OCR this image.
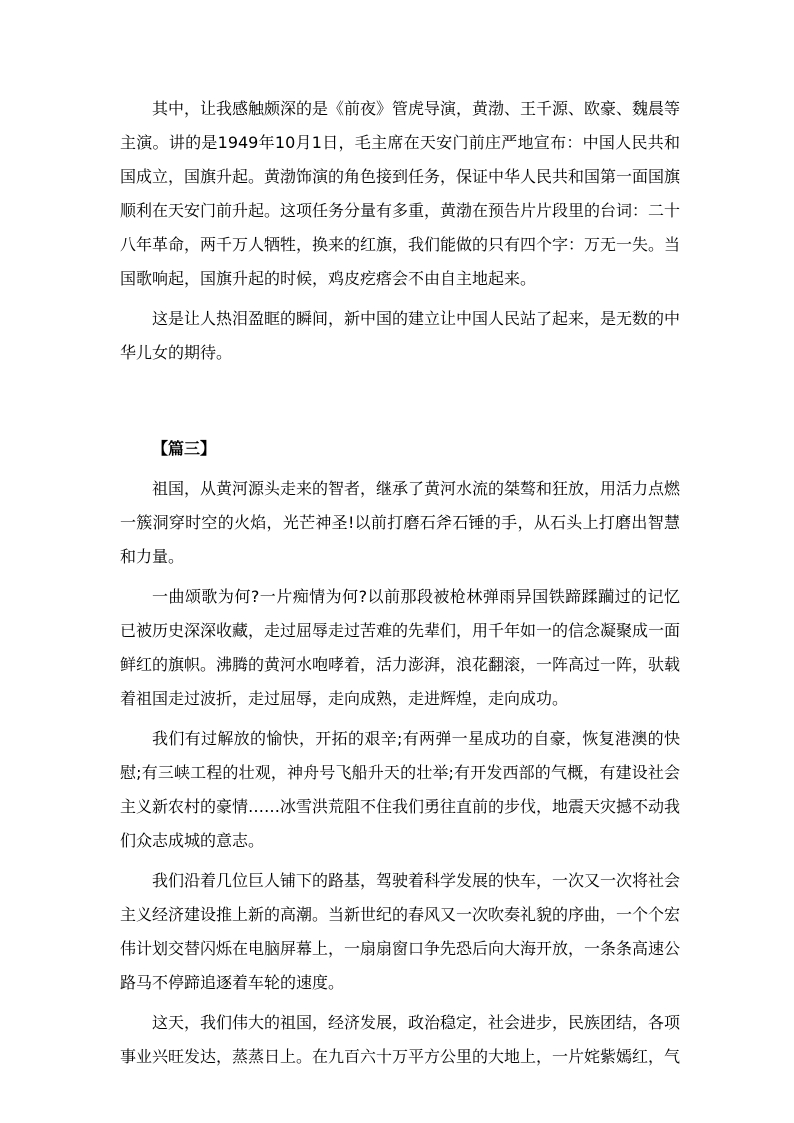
其中，让我感触颇深的是《前夜》管虎导演，黄渤、王千源、欧豪、魏晨等主演。讲的是1949年10月1日，毛主席在天安门前庄严地宣布：中国人民共和国成立，国旗升起。黄渤饰演的角色接到任务，保证中华人民共和国第一面国旗顺利在天安门前升起。这项任务分量有多重，黄渤在预告片片段里的台词：二十八年革命，两千万人牺牲，换来的红旗，我们能做的只有四个字：万无一失。当国歌响起，国旗升起的时候，鸡皮疙瘩会不由自主地起来。

这是让人热泪盈眶的瞬间，新中国的建立让中国人民站了起来，是无数的中华儿女的期待。

【篇三】

祖国，从黄河源头走来的智者，继承了黄河水流的桀骜和狂放，用活力点燃一簇洞穿时空的火焰，光芒神圣!以前打磨石斧石锤的手，从石头上打磨出智慧和力量。

一曲颂歌为何?一片痴情为何?以前那段被枪林弹雨异国铁蹄蹂躏过的记忆已被历史深深收藏，走过屈辱走过苦难的先辈们，用千年如一的信念凝聚成一面鲜红的旗帜。沸腾的黄河水咆哮着，活力澎湃，浪花翻滚，一阵高过一阵，驮载着祖国走过波折，走过屈辱，走向成熟，走进辉煌，走向成功。

我们有过解放的愉快，开拓的艰辛;有两弹一星成功的自豪，恢复港澳的快慰;有三峡工程的壮观，神舟号飞船升天的壮举;有开发西部的气概，有建设社会主义新农村的豪情……冰雪洪荒阻不住我们勇往直前的步伐，地震天灾撼不动我们众志成城的意志。

我们沿着几位巨人铺下的路基，驾驶着科学发展的快车，一次又一次将社会主义经济建设推上新的高潮。当新世纪的春风又一次吹奏礼貌的序曲，一个个宏伟计划交替闪烁在电脑屏幕上，一扇扇窗口争先恐后向大海开放，一条条高速公路马不停蹄追逐着车轮的速度。

这天，我们伟大的祖国，经济发展，政治稳定，社会进步，民族团结，各项事业兴旺发达，蒸蒸日上。在九百六十万平方公里的大地上，一片姹紫嫣红，气
